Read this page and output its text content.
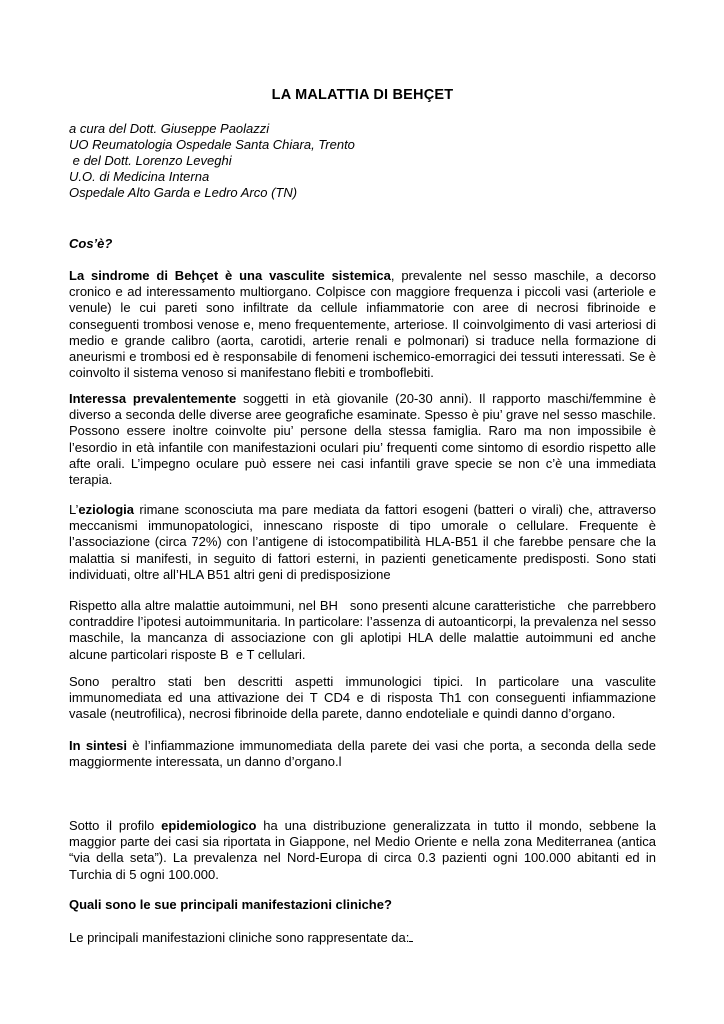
LA MALATTIA DI BEHÇET
a cura del Dott. Giuseppe Paolazzi
UO Reumatologia Ospedale Santa Chiara, Trento
e del Dott. Lorenzo Leveghi
U.O. di Medicina Interna
Ospedale Alto Garda e Ledro Arco (TN)
Cos’è?
La sindrome di Behçet è una vasculite sistemica, prevalente nel sesso maschile, a decorso cronico e ad interessamento multiorgano. Colpisce con maggiore frequenza i piccoli vasi (arteriole e venule) le cui pareti sono infiltrate da cellule infiammatorie con aree di necrosi fibrinoide e conseguenti trombosi venose e, meno frequentemente, arteriose. Il coinvolgimento di vasi arteriosi di medio e grande calibro (aorta, carotidi, arterie renali e polmonari) si traduce nella formazione di aneurismi e trombosi ed è responsabile di fenomeni ischemico-emorragici dei tessuti interessati. Se è coinvolto il sistema venoso si manifestano flebiti e tromboflebiti.
Interessa prevalentemente soggetti in età giovanile (20-30 anni). Il rapporto maschi/femmine è diverso a seconda delle diverse aree geografiche esaminate. Spesso è piu’ grave nel sesso maschile. Possono essere inoltre coinvolte piu’ persone della stessa famiglia. Raro ma non impossibile è l’esordio in età infantile con manifestazioni oculari piu’ frequenti come sintomo di esordio rispetto alle afte orali. L’impegno oculare può essere nei casi infantili grave specie se non c’è una immediata terapia.
L’eziologia rimane sconosciuta ma pare mediata da fattori esogeni (batteri o virali) che, attraverso meccanismi immunopatologici, innescano risposte di tipo umorale o cellulare. Frequente è l’associazione (circa 72%) con l’antigene di istocompatibilità HLA-B51 il che farebbe pensare che la malattia si manifesti, in seguito di fattori esterni, in pazienti geneticamente predisposti. Sono stati individuati, oltre all’HLA B51 altri geni di predisposizione
Rispetto alla altre malattie autoimmuni, nel BH   sono presenti alcune caratteristiche   che parrebbero contraddire l’ipotesi autoimmunitaria. In particolare: l’assenza di autoanticorpi, la prevalenza nel sesso maschile, la mancanza di associazione con gli aplotipi HLA delle malattie autoimmuni ed anche alcune particolari risposte B  e T cellulari.
Sono peraltro stati ben descritti aspetti immunologici tipici. In particolare una vasculite immunomediata ed una attivazione dei T CD4 e di risposta Th1 con conseguenti infiammazione vasale (neutrofilica), necrosi fibrinoide della parete, danno endoteliale e quindi danno d’organo.
In sintesi è l’infiammazione immunomediata della parete dei vasi che porta, a seconda della sede maggiormente interessata, un danno d’organo.l
Sotto il profilo epidemiologico ha una distribuzione generalizzata in tutto il mondo, sebbene la maggior parte dei casi sia riportata in Giappone, nel Medio Oriente e nella zona Mediterranea (antica “via della seta”). La prevalenza nel Nord-Europa di circa 0.3 pazienti ogni 100.000 abitanti ed in Turchia di 5 ogni 100.000.
Quali sono le sue principali manifestazioni cliniche?
Le principali manifestazioni cliniche sono rappresentate da:
